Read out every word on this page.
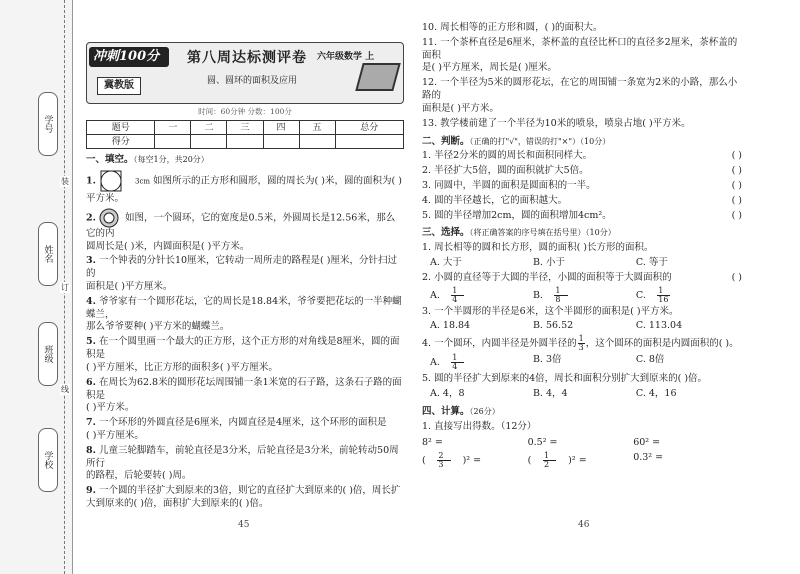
学号
姓名
班级
学校
装
订
线
冲刺100分
冀教版
第八周达标测评卷 六年级数学 上
圆、圆环的面积及应用
时间：60分钟 分数：100分
题号	一	二	三	四	五	总分
得分						
一、填空。（每空1分，共20分）
1.	3cm 如图所示的正方形和圆形，圆的周长为( )米，圆的面积为( )
平方米。
2.	如图，一个圆环，它的宽度是0.5米，外圆周长是12.56米，那么它的内
圆周长是( )米，内圆面积是( )平方米。
3. 一个钟表的分针长10厘米，它转动一周所走的路程是( )厘米，分针扫过的
面积是( )平方厘米。
4. 爷爷家有一个圆形花坛，它的周长是18.84米，爷爷要把花坛的一半种蝴蝶兰，
那么爷爷要种( )平方米的蝴蝶兰。
5. 在一个圆里画一个最大的正方形，这个正方形的对角线是8厘米，圆的面积是
( )平方厘米，比正方形的面积多( )平方厘米。
6. 在周长为62.8米的圆形花坛周围铺一条1米宽的石子路，这条石子路的面积是
( )平方米。
7. 一个环形的外圆直径是6厘米，内圆直径是4厘米，这个环形的面积是
( )平方厘米。
8. 儿童三轮脚踏车，前轮直径是3分米，后轮直径是3分米，前轮转动50周所行
的路程，后轮要转( )周。
9. 一个圆的半径扩大到原来的3倍，则它的直径扩大到原来的( )倍，周长扩
大到原来的( )倍，面积扩大到原来的( )倍。
45
10. 周长相等的正方形和圆，( )的面积大。
11. 一个茶杯直径是6厘米，茶杯盖的直径比杯口的直径多2厘米，茶杯盖的面积
是( )平方厘米，周长是( )厘米。
12. 一个半径为5米的圆形花坛，在它的周围铺一条宽为2米的小路，那么小路的
面积是( )平方米。
13. 教学楼前建了一个半径为10米的喷泉，喷泉占地( )平方米。
二、判断。（正确的打"√"，错误的打"×"）（10分）
1. 半径2分米的圆的周长和面积同样大。	( )
2. 半径扩大5倍，圆的面积就扩大5倍。	( )
3. 同圆中，半圆的面积是圆面积的一半。	( )
4. 圆的半径越长，它的面积越大。	( )
5. 圆的半径增加2cm，圆的面积增加4cm²。	( )
三、选择。（将正确答案的序号填在括号里）（10分）
1. 周长相等的圆和长方形，圆的面积( )长方形的面积。
A. 大于	B. 小于	C. 等于
2. 小圆的直径等于大圆的半径，小圆的面积等于大圆面积的	( )
A. $\frac{1}{4}$	B. $\frac{1}{8}$	C. $\frac{1}{16}$
3. 一个半圆形的半径是6米，这个半圆形的面积是( )平方米。
A. 18.84	B. 56.52	C. 113.04
4. 一个圆环，内圆半径是外圆半径的 $\frac{1}{3}$ ，这个圆环的面积是内圆面积的( )。
A. $\frac{1}{4}$	B. 3倍	C. 8倍
5. 圆的半径扩大到原来的4倍，周长和面积分别扩大到原来的( )倍。
A. 4，8	B. 4，4	C. 4，16
四、计算。（26分）
1. 直接写出得数。（12分）
8² =	0.5² =	60² =
( $\frac{2}{3} )^2$ =	( $\frac{1}{2} )^2$ =	0.3² =
46
